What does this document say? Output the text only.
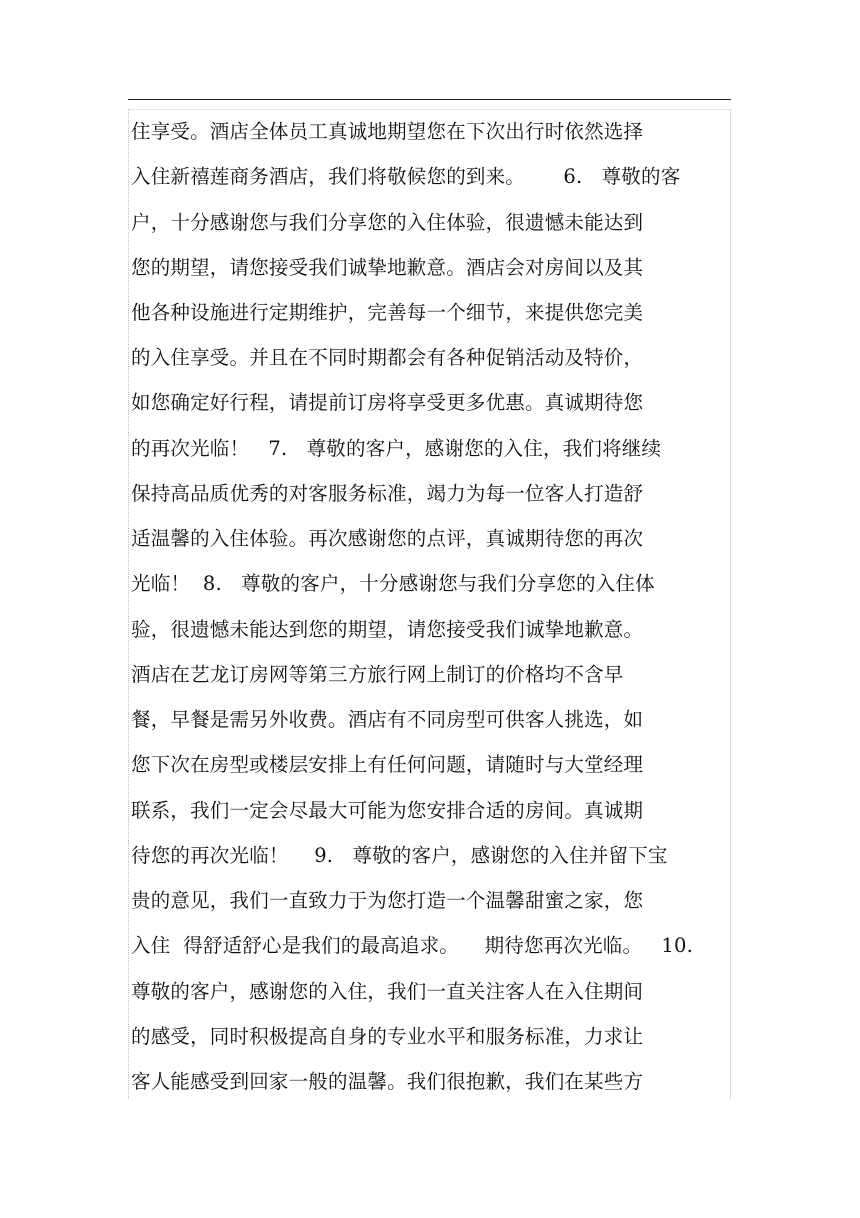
住享受。酒店全体员工真诚地期望您在下次出行时依然选择
入住新禧莲商务酒店，我们将敬候您的到来。      6.   尊敬的客
户，十分感谢您与我们分享您的入住体验，很遗憾未能达到
您的期望，请您接受我们诚挚地歉意。酒店会对房间以及其
他各种设施进行定期维护，完善每一个细节，来提供您完美
的入住享受。并且在不同时期都会有各种促销活动及特价，
如您确定好行程，请提前订房将享受更多优惠。真诚期待您
的再次光临！   7.   尊敬的客户，感谢您的入住，我们将继续
保持高品质优秀的对客服务标准，竭力为每一位客人打造舒
适温馨的入住体验。再次感谢您的点评，真诚期待您的再次
光临！  8.   尊敬的客户，十分感谢您与我们分享您的入住体
验，很遗憾未能达到您的期望，请您接受我们诚挚地歉意。
酒店在艺龙订房网等第三方旅行网上制订的价格均不含早
餐，早餐是需另外收费。酒店有不同房型可供客人挑选，如
您下次在房型或楼层安排上有任何问题，请随时与大堂经理
联系，我们一定会尽最大可能为您安排合适的房间。真诚期
待您的再次光临！    9.   尊敬的客户，感谢您的入住并留下宝
贵的意见，我们一直致力于为您打造一个温馨甜蜜之家，您
入住  得舒适舒心是我们的最高追求。    期待您再次光临。   10.
尊敬的客户，感谢您的入住，我们一直关注客人在入住期间
的感受，同时积极提高自身的专业水平和服务标准，力求让
客人能感受到回家一般的温馨。我们很抱歉，我们在某些方
